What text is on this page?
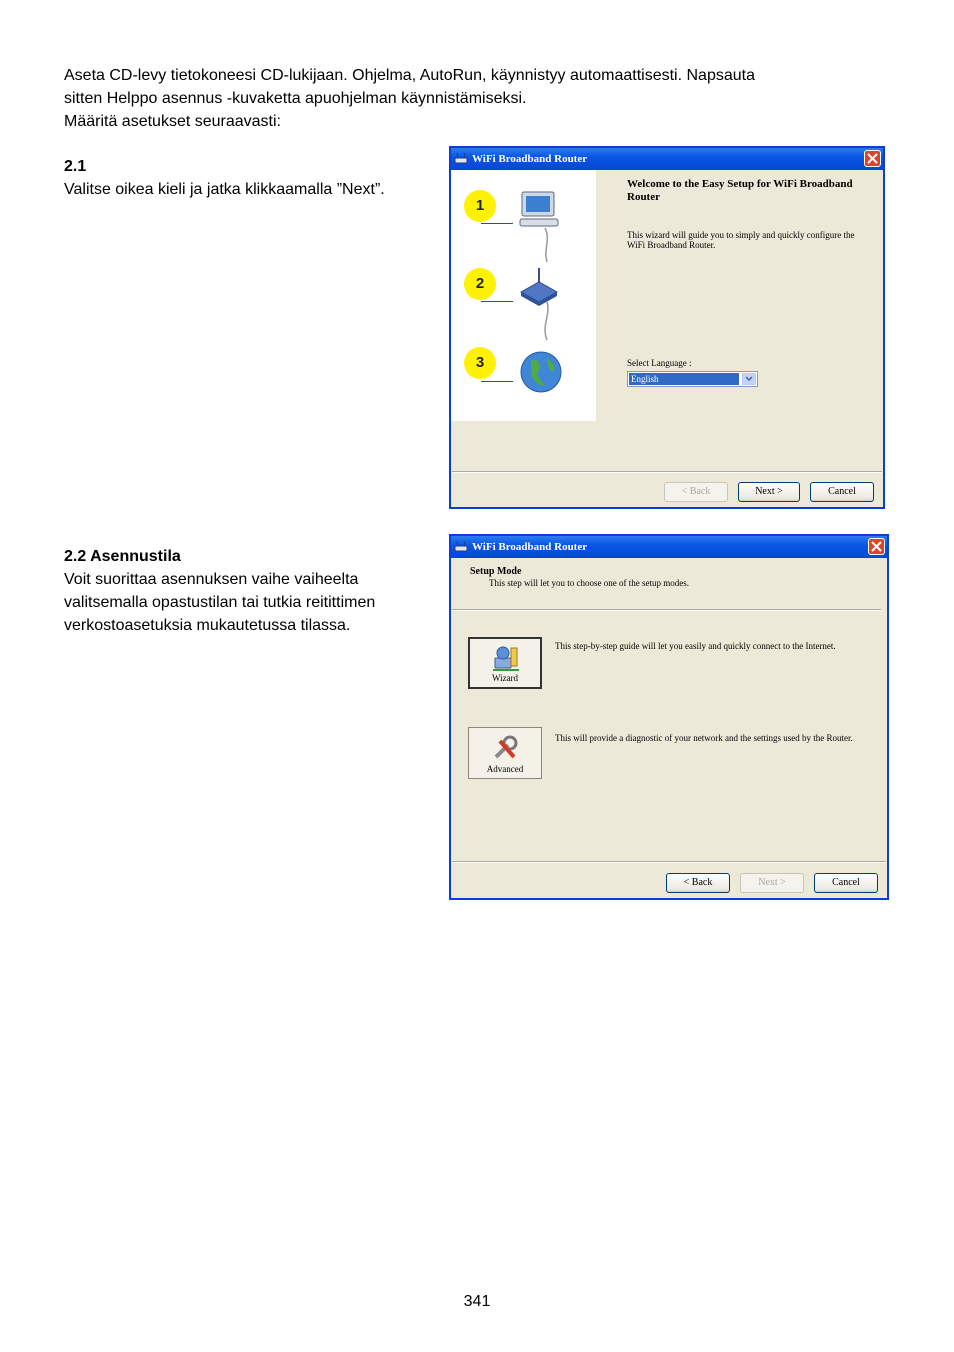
Aseta CD-levy tietokoneesi CD-lukijaan. Ohjelma, AutoRun, käynnistyy automaattisesti. Napsauta

sitten Helppo asennus -kuvaketta apuohjelman käynnistämiseksi.

Määritä asetukset seuraavasti:

2.1
Valitse oikea kieli ja jatka klikkaamalla ”Next”.
2.2 Asennustila
Voit suorittaa asennuksen vaihe vaiheelta valitsemalla opastustilan tai tutkia reitittimen verkostoasetuksia mukautetussa tilassa.
WiFi Broadband Router
1
2
3
Welcome to the Easy Setup for WiFi Broadband Router
This wizard will guide you to simply and quickly configure the WiFi Broadband Router.
Select Language :
English
< Back	Next >	Cancel
WiFi Broadband Router
Setup Mode
This step will let you to choose one of the setup modes.
Wizard
This step-by-step guide will let you easily and quickly connect to the Internet.
Advanced
This will provide a diagnostic of your network and the settings used by the Router.
< Back	Next >	Cancel
341
